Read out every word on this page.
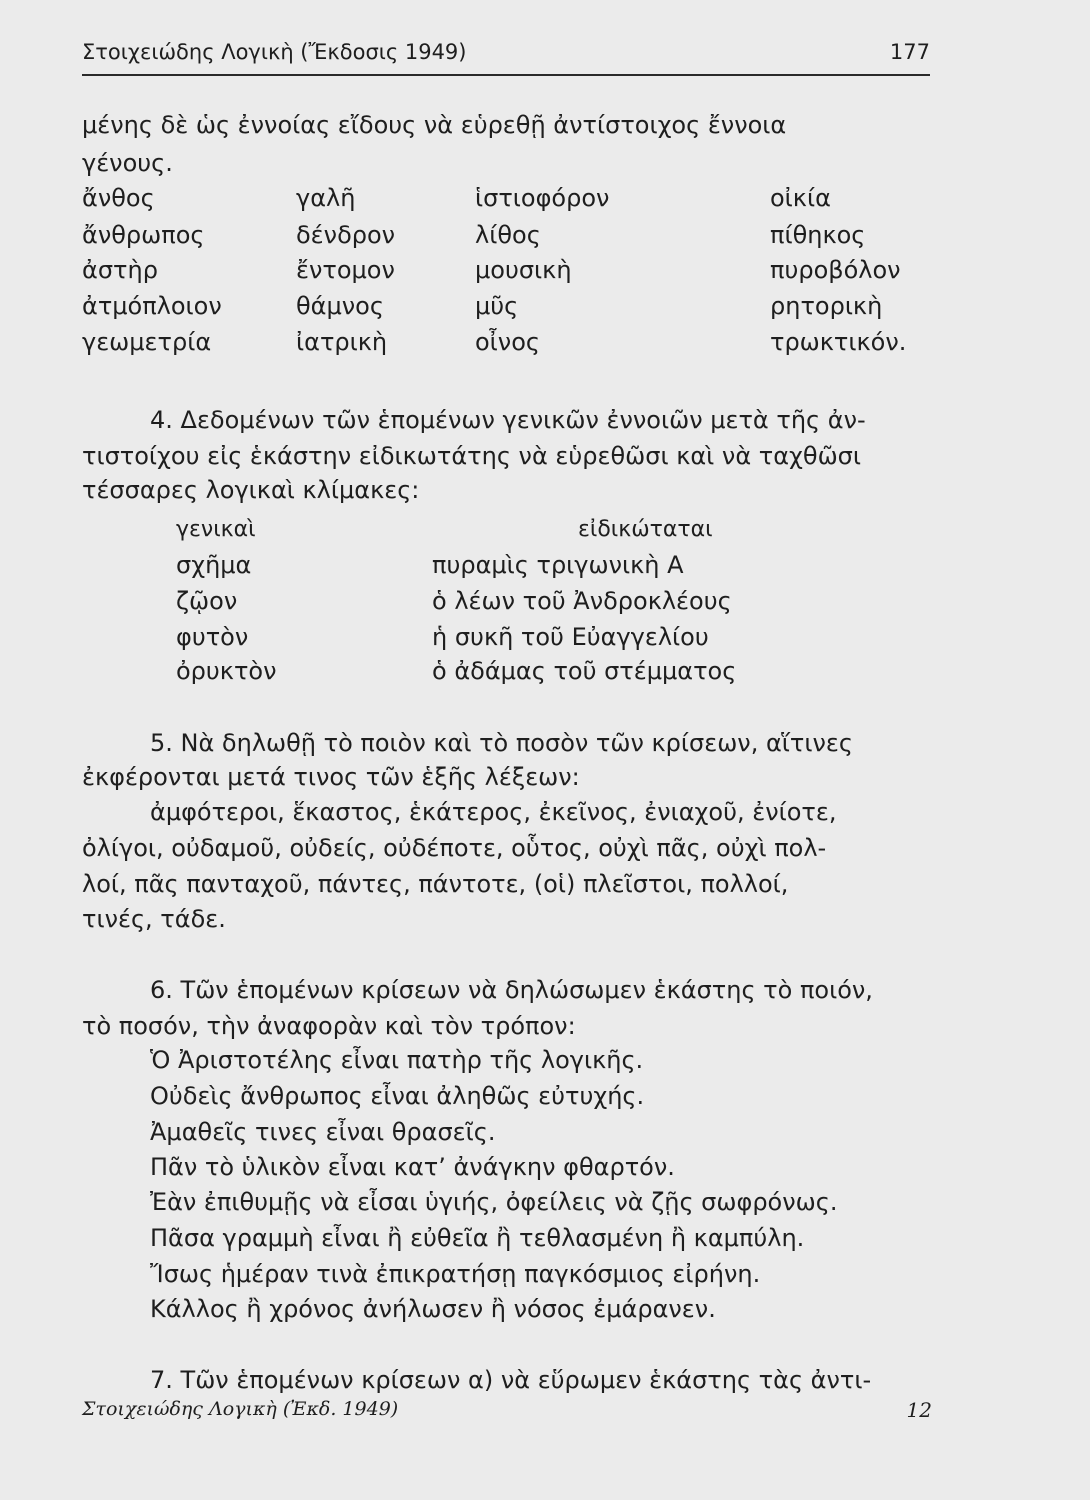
Στοιχειώδης Λογικὴ (Ἔκδοσις 1949)	177
μένης δὲ ὡς ἐννοίας εἴδους νὰ εὑρεθῇ ἀντίστοιχος ἔννοια
γένους.
ἄνθος	γαλῆ	ἱστιοφόρον	οἰκία
ἄνθρωπος	δένδρον	λίθος	πίθηκος
ἀστὴρ	ἔντομον	μουσικὴ	πυροβόλον
ἀτμόπλοιον	θάμνος	μῦς	ρητορικὴ
γεωμετρία	ἰατρικὴ	οἶνος	τρωκτικόν.
4. Δεδομένων τῶν ἑπομένων γενικῶν ἐννοιῶν μετὰ τῆς ἀν-
τιστοίχου εἰς ἑκάστην εἰδικωτάτης νὰ εὑρεθῶσι καὶ νὰ ταχθῶσι
τέσσαρες λογικαὶ κλίμακες:
γενικαὶ	εἰδικώταται
σχῆμα	πυραμὶς τριγωνικὴ Α
ζῷον	ὁ λέων τοῦ Ἀνδροκλέους
φυτὸν	ἡ συκῆ τοῦ Εὐαγγελίου
ὀρυκτὸν	ὁ ἀδάμας τοῦ στέμματος
5. Νὰ δηλωθῇ τὸ ποιὸν καὶ τὸ ποσὸν τῶν κρίσεων, αἵτινες
ἐκφέρονται μετά τινος τῶν ἑξῆς λέξεων:
ἀμφότεροι, ἕκαστος, ἑκάτερος, ἐκεῖνος, ἐνιαχοῦ, ἐνίοτε,
ὀλίγοι, οὐδαμοῦ, οὐδείς, οὐδέποτε, οὗτος, οὐχὶ πᾶς, οὐχὶ πολ-
λοί, πᾶς πανταχοῦ, πάντες, πάντοτε, (οἱ) πλεῖστοι, πολλοί,
τινές, τάδε.
6. Τῶν ἑπομένων κρίσεων νὰ δηλώσωμεν ἑκάστης τὸ ποιόν,
τὸ ποσόν, τὴν ἀναφορὰν καὶ τὸν τρόπον:
Ὁ Ἀριστοτέλης εἶναι πατὴρ τῆς λογικῆς.
Οὐδεὶς ἄνθρωπος εἶναι ἀληθῶς εὐτυχής.
Ἀμαθεῖς τινες εἶναι θρασεῖς.
Πᾶν τὸ ὑλικὸν εἶναι κατ’ ἀνάγκην φθαρτόν.
Ἐὰν ἐπιθυμῇς νὰ εἶσαι ὑγιής, ὀφείλεις νὰ ζῇς σωφρόνως.
Πᾶσα γραμμὴ εἶναι ἢ εὐθεῖα ἢ τεθλασμένη ἢ καμπύλη.
Ἴσως ἡμέραν τινὰ ἐπικρατήσῃ παγκόσμιος εἰρήνη.
Κάλλος ἢ χρόνος ἀνήλωσεν ἢ νόσος ἐμάρανεν.
7. Τῶν ἑπομένων κρίσεων α) νὰ εὕρωμεν ἑκάστης τὰς ἀντι-
Στοιχειώδης Λογικὴ (Ἐκδ. 1949)	12
